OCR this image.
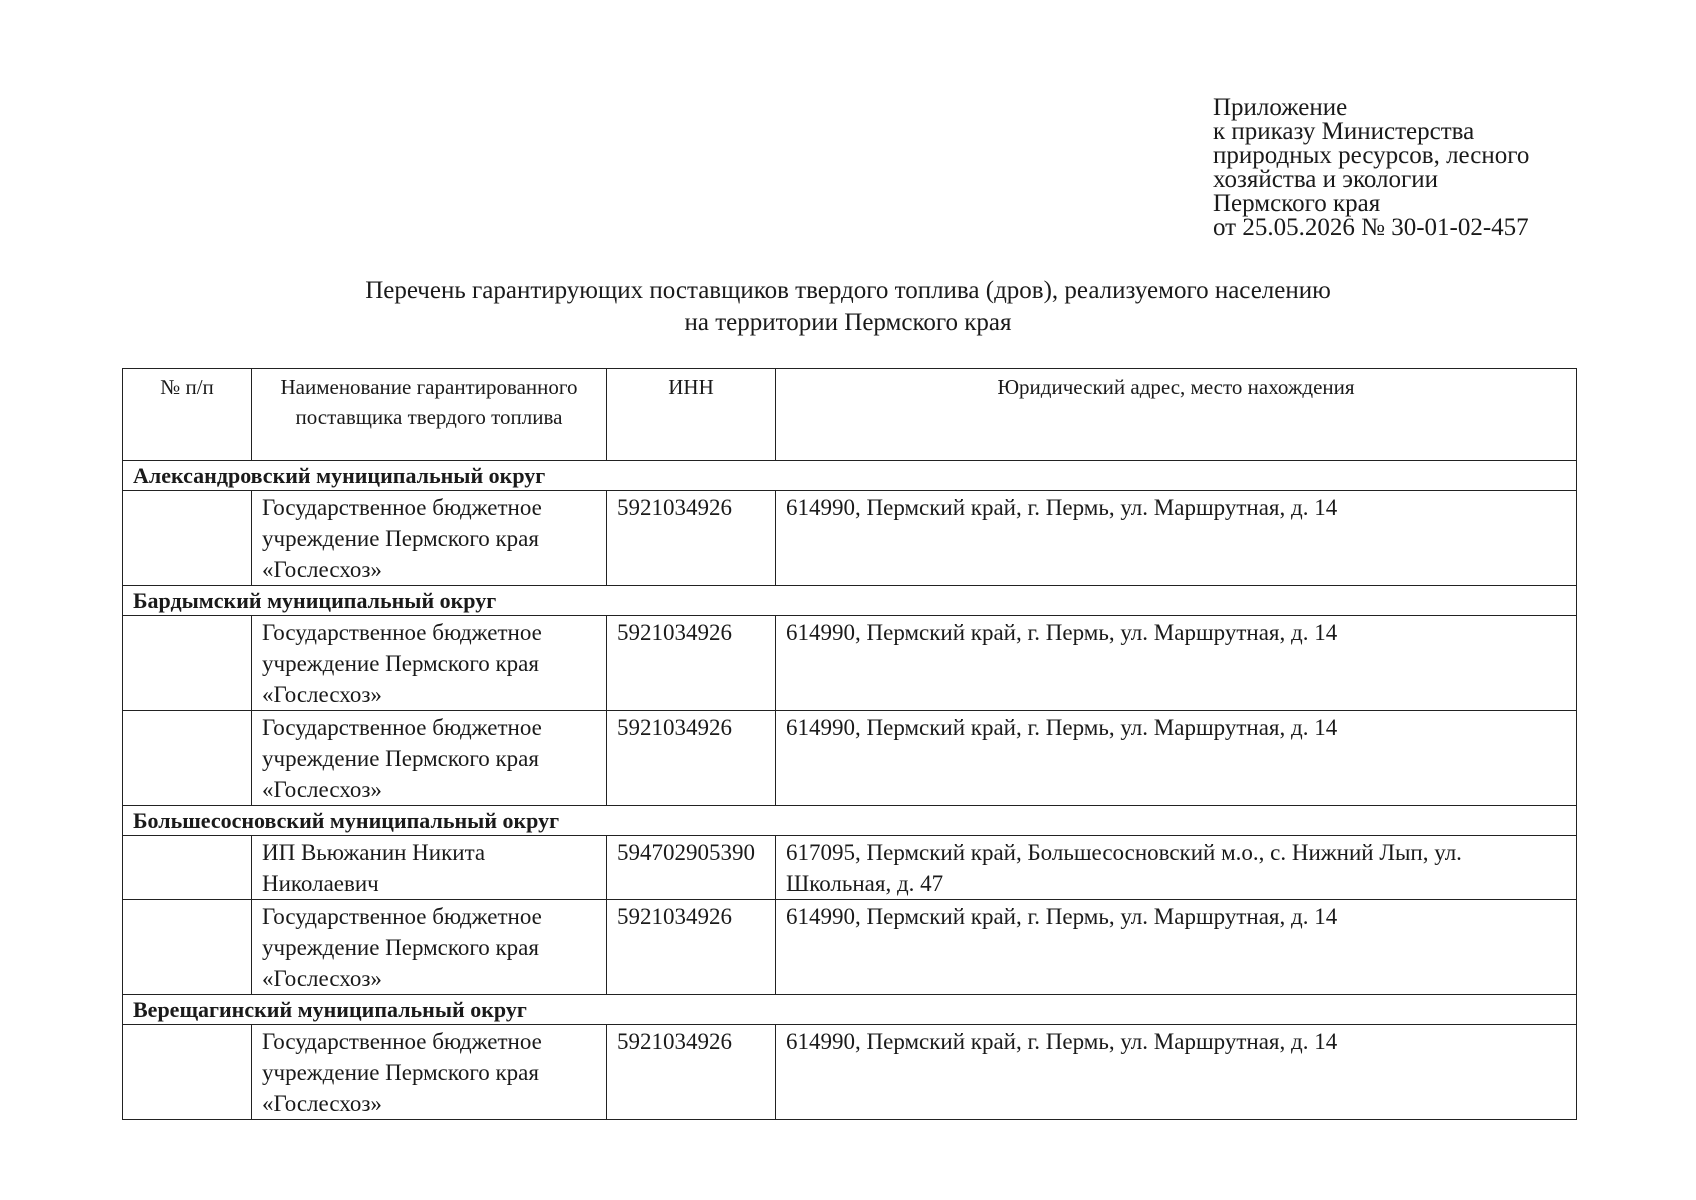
Приложение
к приказу Министерства
природных ресурсов, лесного
хозяйства и экологии
Пермского края
от 25.05.2026 № 30-01-02-457
Перечень гарантирующих поставщиков твердого топлива (дров), реализуемого населению
на территории Пермского края
№ п/п	Наименование гарантированного поставщика твердого топлива	ИНН	Юридический адрес, место нахождения
Александровский муниципальный округ			
	Государственное бюджетное учреждение Пермского края «Гослесхоз»	5921034926	614990, Пермский край, г. Пермь, ул. Маршрутная, д. 14
Бардымский муниципальный округ			
	Государственное бюджетное учреждение Пермского края «Гослесхоз»	5921034926	614990, Пермский край, г. Пермь, ул. Маршрутная, д. 14
	Государственное бюджетное учреждение Пермского края «Гослесхоз»	5921034926	614990, Пермский край, г. Пермь, ул. Маршрутная, д. 14
Большесосновский муниципальный округ			
	ИП Вьюжанин Никита Николаевич	594702905390	617095, Пермский край, Большесосновский м.о., с. Нижний Лып, ул. Школьная, д. 47
	Государственное бюджетное учреждение Пермского края «Гослесхоз»	5921034926	614990, Пермский край, г. Пермь, ул. Маршрутная, д. 14
Верещагинский муниципальный округ			
	Государственное бюджетное учреждение Пермского края «Гослесхоз»	5921034926	614990, Пермский край, г. Пермь, ул. Маршрутная, д. 14
